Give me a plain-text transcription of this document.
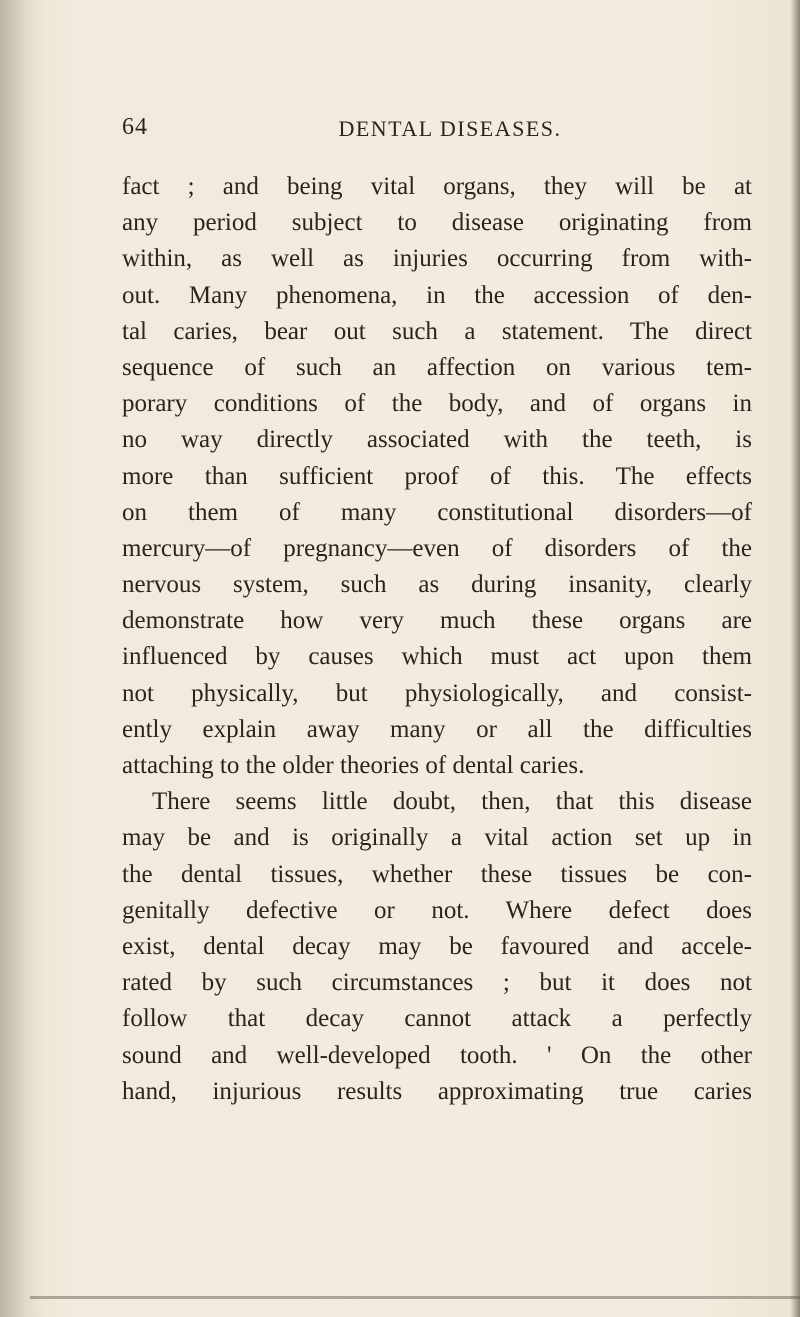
64	DENTAL DISEASES.
fact ; and being vital organs, they will be at
any period subject to disease originating from
within, as well as injuries occurring from with-
out. Many phenomena, in the accession of den-
tal caries, bear out such a statement. The direct
sequence of such an affection on various tem-
porary conditions of the body, and of organs in
no way directly associated with the teeth, is
more than sufficient proof of this. The effects
on them of many constitutional disorders—of
mercury—of pregnancy—even of disorders of the
nervous system, such as during insanity, clearly
demonstrate how very much these organs are
influenced by causes which must act upon them
not physically, but physiologically, and consist-
ently explain away many or all the difficulties
attaching to the older theories of dental caries.
There seems little doubt, then, that this disease
may be and is originally a vital action set up in
the dental tissues, whether these tissues be con-
genitally defective or not. Where defect does
exist, dental decay may be favoured and accele-
rated by such circumstances ; but it does not
follow that decay cannot attack a perfectly
sound and well-developed tooth. ' On the other
hand, injurious results approximating true caries
